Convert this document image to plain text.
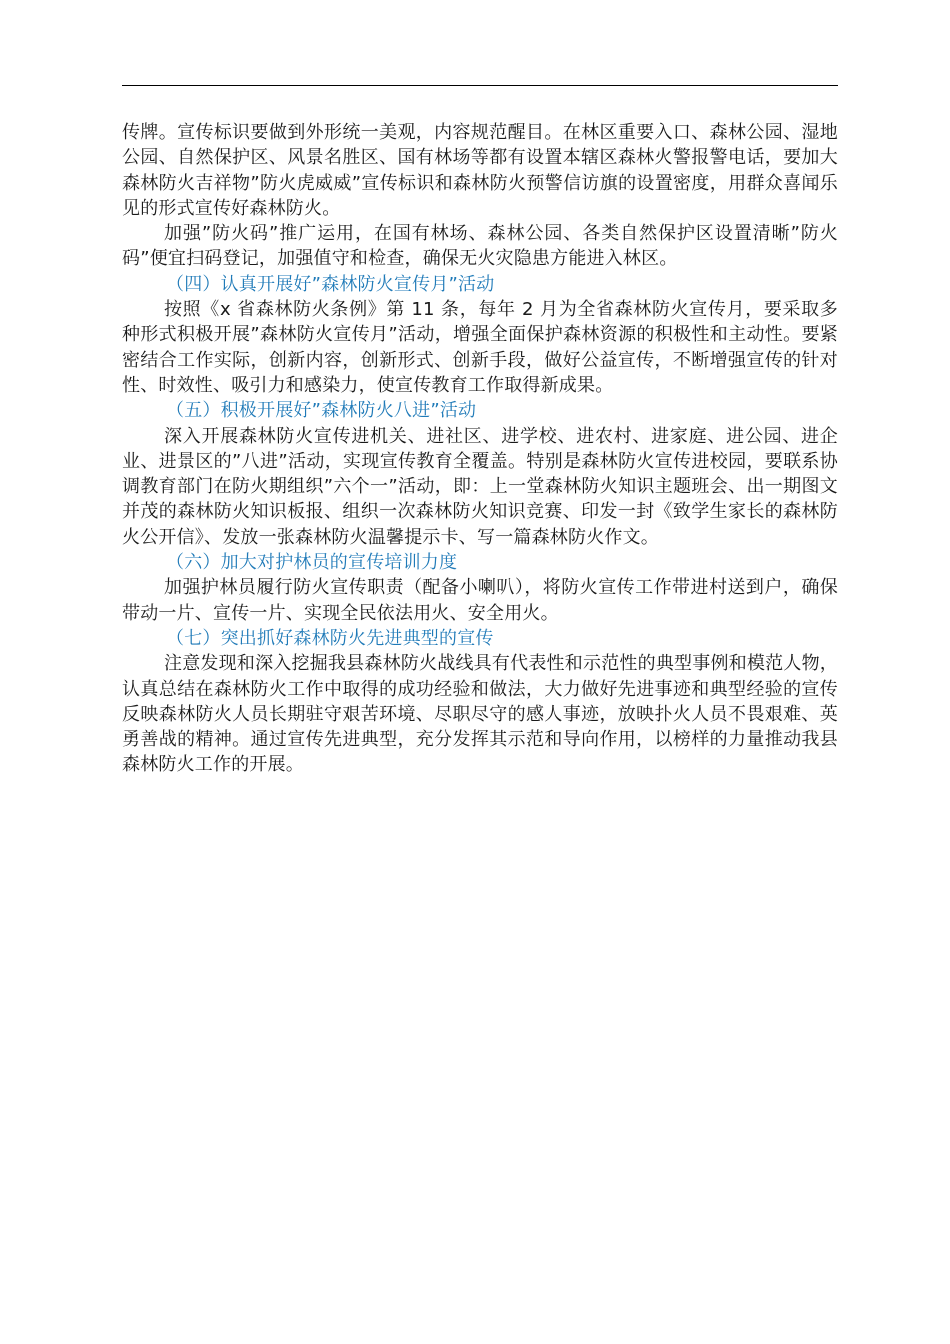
传牌。宣传标识要做到外形统一美观，内容规范醒目。在林区重要入口、森林公园、湿地公园、自然保护区、风景名胜区、国有林场等都有设置本辖区森林火警报警电话，要加大森林防火吉祥物”防火虎威威”宣传标识和森林防火预警信访旗的设置密度，用群众喜闻乐见的形式宣传好森林防火。

加强”防火码”推广运用，在国有林场、森林公园、各类自然保护区设置清晰”防火码”便宜扫码登记，加强值守和检查，确保无火灾隐患方能进入林区。

（四）认真开展好”森林防火宣传月”活动

按照《x 省森林防火条例》第 11 条，每年 2 月为全省森林防火宣传月，要采取多种形式积极开展”森林防火宣传月”活动，增强全面保护森林资源的积极性和主动性。要紧密结合工作实际，创新内容，创新形式、创新手段，做好公益宣传，不断增强宣传的针对性、时效性、吸引力和感染力，使宣传教育工作取得新成果。

（五）积极开展好”森林防火八进”活动

深入开展森林防火宣传进机关、进社区、进学校、进农村、进家庭、进公园、进企业、进景区的”八进”活动，实现宣传教育全覆盖。特别是森林防火宣传进校园，要联系协调教育部门在防火期组织”六个一”活动，即：上一堂森林防火知识主题班会、出一期图文并茂的森林防火知识板报、组织一次森林防火知识竞赛、印发一封《致学生家长的森林防火公开信》、发放一张森林防火温馨提示卡、写一篇森林防火作文。

（六）加大对护林员的宣传培训力度

加强护林员履行防火宣传职责（配备小喇叭），将防火宣传工作带进村送到户，确保带动一片、宣传一片、实现全民依法用火、安全用火。

（七）突出抓好森林防火先进典型的宣传

注意发现和深入挖掘我县森林防火战线具有代表性和示范性的典型事例和模范人物，认真总结在森林防火工作中取得的成功经验和做法，大力做好先进事迹和典型经验的宣传反映森林防火人员长期驻守艰苦环境、尽职尽守的感人事迹，放映扑火人员不畏艰难、英勇善战的精神。通过宣传先进典型，充分发挥其示范和导向作用，以榜样的力量推动我县森林防火工作的开展。
